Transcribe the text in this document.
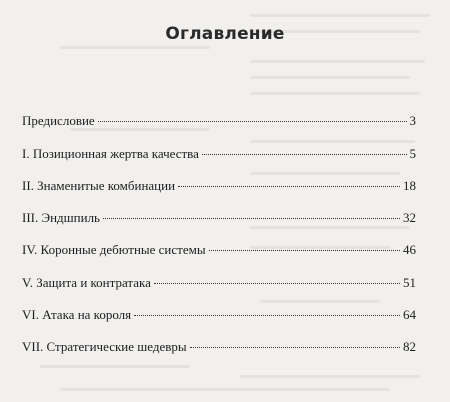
Оглавление
Предисловие	3
I. Позиционная жертва качества	5
II. Знаменитые комбинации	18
III. Эндшпиль	32
IV. Коронные дебютные системы	46
V. Защита и контратака	51
VI. Атака на короля	64
VII. Стратегические шедевры	82
